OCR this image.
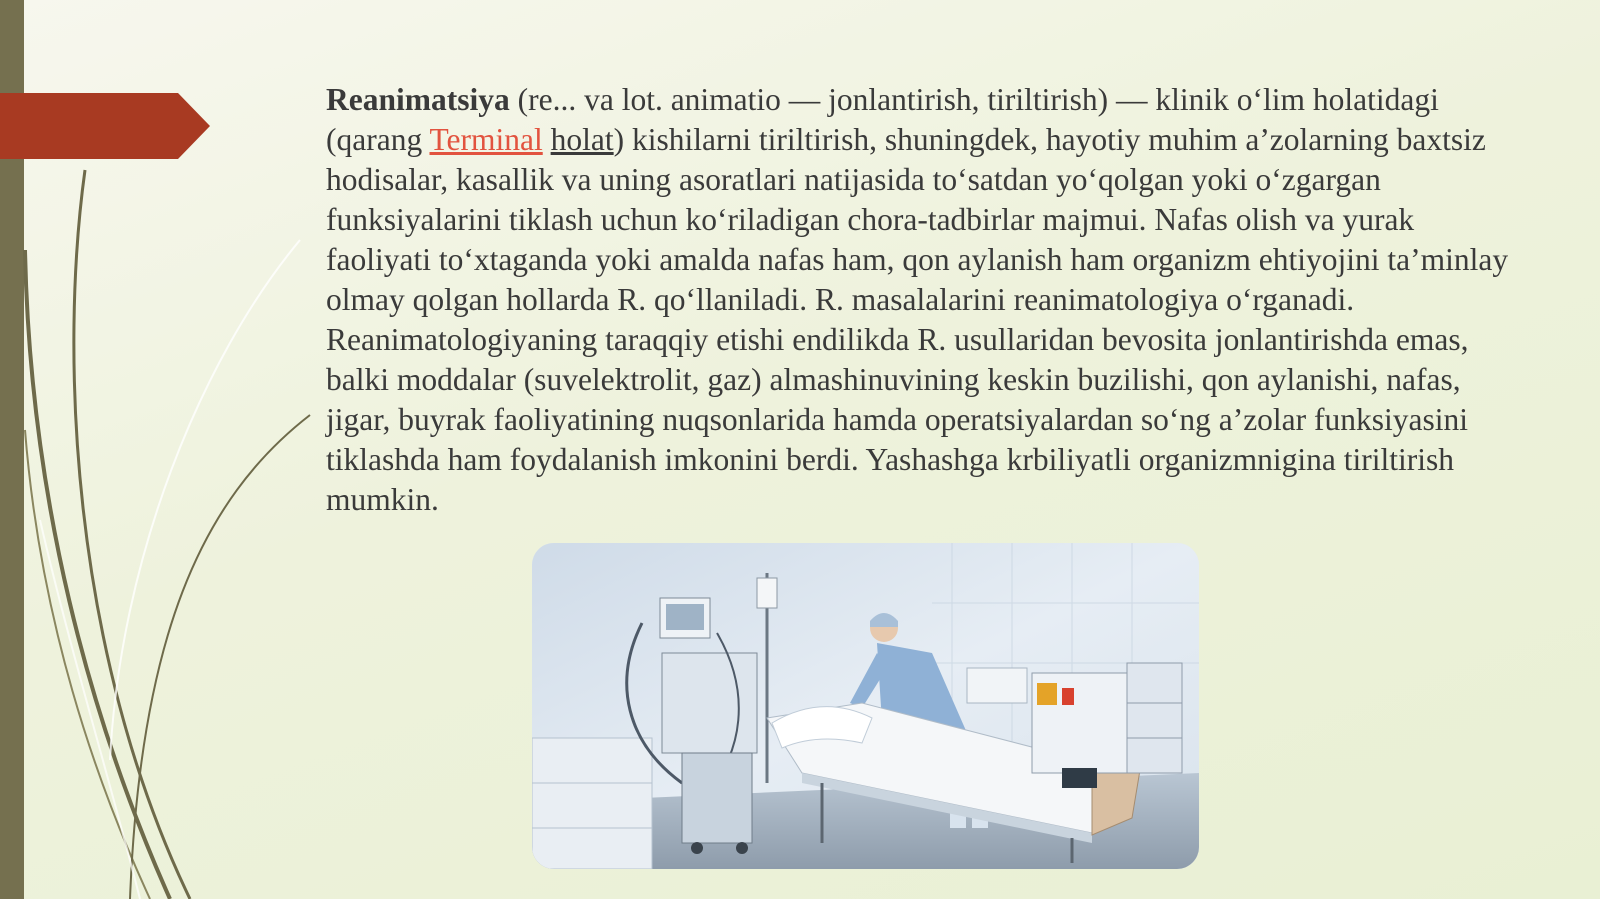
Reanimatsiya (re... va lot. animatio — jonlantirish, tiriltirish) — klinik oʻlim holatidagi (qarang Terminal holat) kishilarni tiriltirish, shuningdek, hayotiy muhim aʼzolarning baxtsiz hodisalar, kasallik va uning asoratlari natijasida toʻsatdan yoʻqolgan yoki oʻzgargan funksiyalarini tiklash uchun koʻriladigan chora-tadbirlar majmui. Nafas olish va yurak faoliyati toʻxtaganda yoki amalda nafas ham, qon aylanish ham organizm ehtiyojini taʼminlay olmay qolgan hollarda R. qoʻllaniladi. R. masalalarini reanimatologiya oʻrganadi. Reanimatologiyaning taraqqiy etishi endilikda R. usullaridan bevosita jonlantirishda emas, balki moddalar (suvelektrolit, gaz) almashinuvining keskin buzilishi, qon aylanishi, nafas, jigar, buyrak faoliyatining nuqsonlarida hamda operatsiyalardan soʻng aʼzolar funksiyasini tiklashda ham foydalanish imkonini berdi. Yashashga krbiliyatli organizmnigina tiriltirish mumkin.
